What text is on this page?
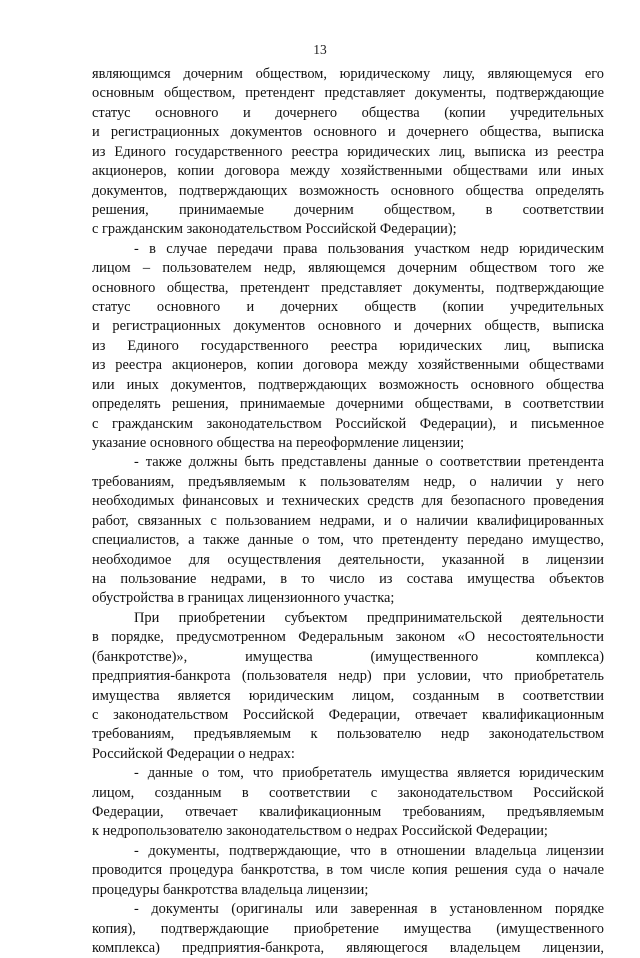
13
являющимся дочерним обществом, юридическому лицу, являющемуся его
основным обществом, претендент представляет документы, подтверждающие
статус основного и дочернего общества (копии учредительных
и регистрационных документов основного и дочернего общества, выписка
из Единого государственного реестра юридических лиц, выписка из реестра
акционеров, копии договора между хозяйственными обществами или иных
документов, подтверждающих возможность основного общества определять
решения, принимаемые дочерним обществом, в соответствии
с гражданским законодательством Российской Федерации);
- в случае передачи права пользования участком недр юридическим
лицом – пользователем недр, являющемся дочерним обществом того же
основного общества, претендент представляет документы, подтверждающие
статус основного и дочерних обществ (копии учредительных
и регистрационных документов основного и дочерних обществ, выписка
из Единого государственного реестра юридических лиц, выписка
из реестра акционеров, копии договора между хозяйственными обществами
или иных документов, подтверждающих возможность основного общества
определять решения, принимаемые дочерними обществами, в соответствии
с гражданским законодательством Российской Федерации), и письменное
указание основного общества на переоформление лицензии;
- также должны быть представлены данные о соответствии претендента
требованиям, предъявляемым к пользователям недр, о наличии у него
необходимых финансовых и технических средств для безопасного проведения
работ, связанных с пользованием недрами, и о наличии квалифицированных
специалистов, а также данные о том, что претенденту передано имущество,
необходимое для осуществления деятельности, указанной в лицензии
на пользование недрами, в то число из состава имущества объектов
обустройства в границах лицензионного участка;
При приобретении субъектом предпринимательской деятельности
в порядке, предусмотренном Федеральным законом «О несостоятельности
(банкротстве)», имущества (имущественного комплекса)
предприятия-банкрота (пользователя недр) при условии, что приобретатель
имущества является юридическим лицом, созданным в соответствии
с законодательством Российской Федерации, отвечает квалификационным
требованиям, предъявляемым к пользователю недр законодательством
Российской Федерации о недрах:
- данные о том, что приобретатель имущества является юридическим
лицом, созданным в соответствии с законодательством Российской
Федерации, отвечает квалификационным требованиям, предъявляемым
к недропользователю законодательством о недрах Российской Федерации;
- документы, подтверждающие, что в отношении владельца лицензии
проводится процедура банкротства, в том числе копия решения суда о начале
процедуры банкротства владельца лицензии;
- документы (оригиналы или заверенная в установленном порядке
копия), подтверждающие приобретение имущества (имущественного
комплекса) предприятия-банкрота, являющегося владельцем лицензии,
